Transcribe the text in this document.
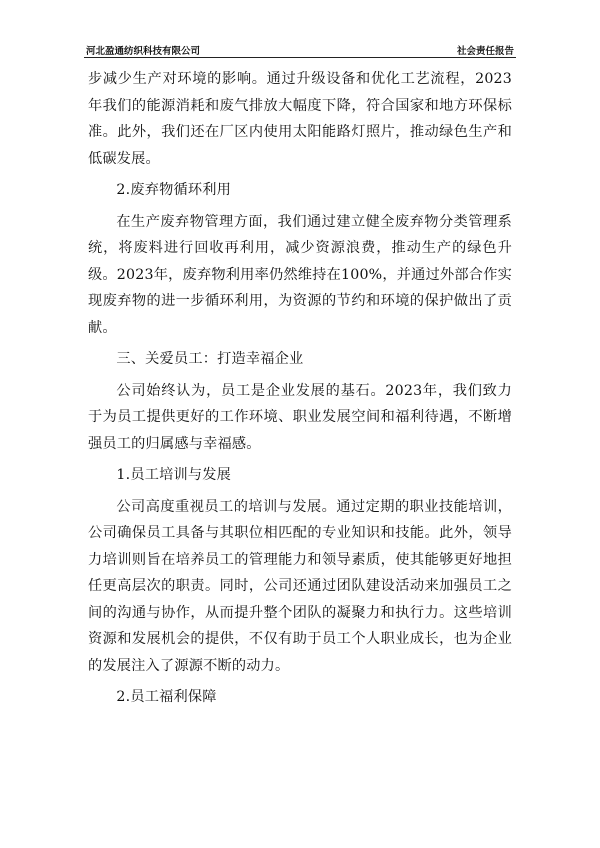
河北盈通纺织科技有限公司	社会责任报告

步减少生产对环境的影响。通过升级设备和优化工艺流程，2023年我们的能源消耗和废气排放大幅度下降，符合国家和地方环保标准。此外，我们还在厂区内使用太阳能路灯照片，推动绿色生产和低碳发展。

2.废弃物循环利用

在生产废弃物管理方面，我们通过建立健全废弃物分类管理系统，将废料进行回收再利用，减少资源浪费，推动生产的绿色升级。2023年，废弃物利用率仍然维持在100%，并通过外部合作实现废弃物的进一步循环利用，为资源的节约和环境的保护做出了贡献。

三、关爱员工：打造幸福企业

公司始终认为，员工是企业发展的基石。2023年，我们致力于为员工提供更好的工作环境、职业发展空间和福利待遇，不断增强员工的归属感与幸福感。

1.员工培训与发展

公司高度重视员工的培训与发展。通过定期的职业技能培训，公司确保员工具备与其职位相匹配的专业知识和技能。此外，领导力培训则旨在培养员工的管理能力和领导素质，使其能够更好地担任更高层次的职责。同时，公司还通过团队建设活动来加强员工之间的沟通与协作，从而提升整个团队的凝聚力和执行力。这些培训资源和发展机会的提供，不仅有助于员工个人职业成长，也为企业的发展注入了源源不断的动力。

2.员工福利保障
